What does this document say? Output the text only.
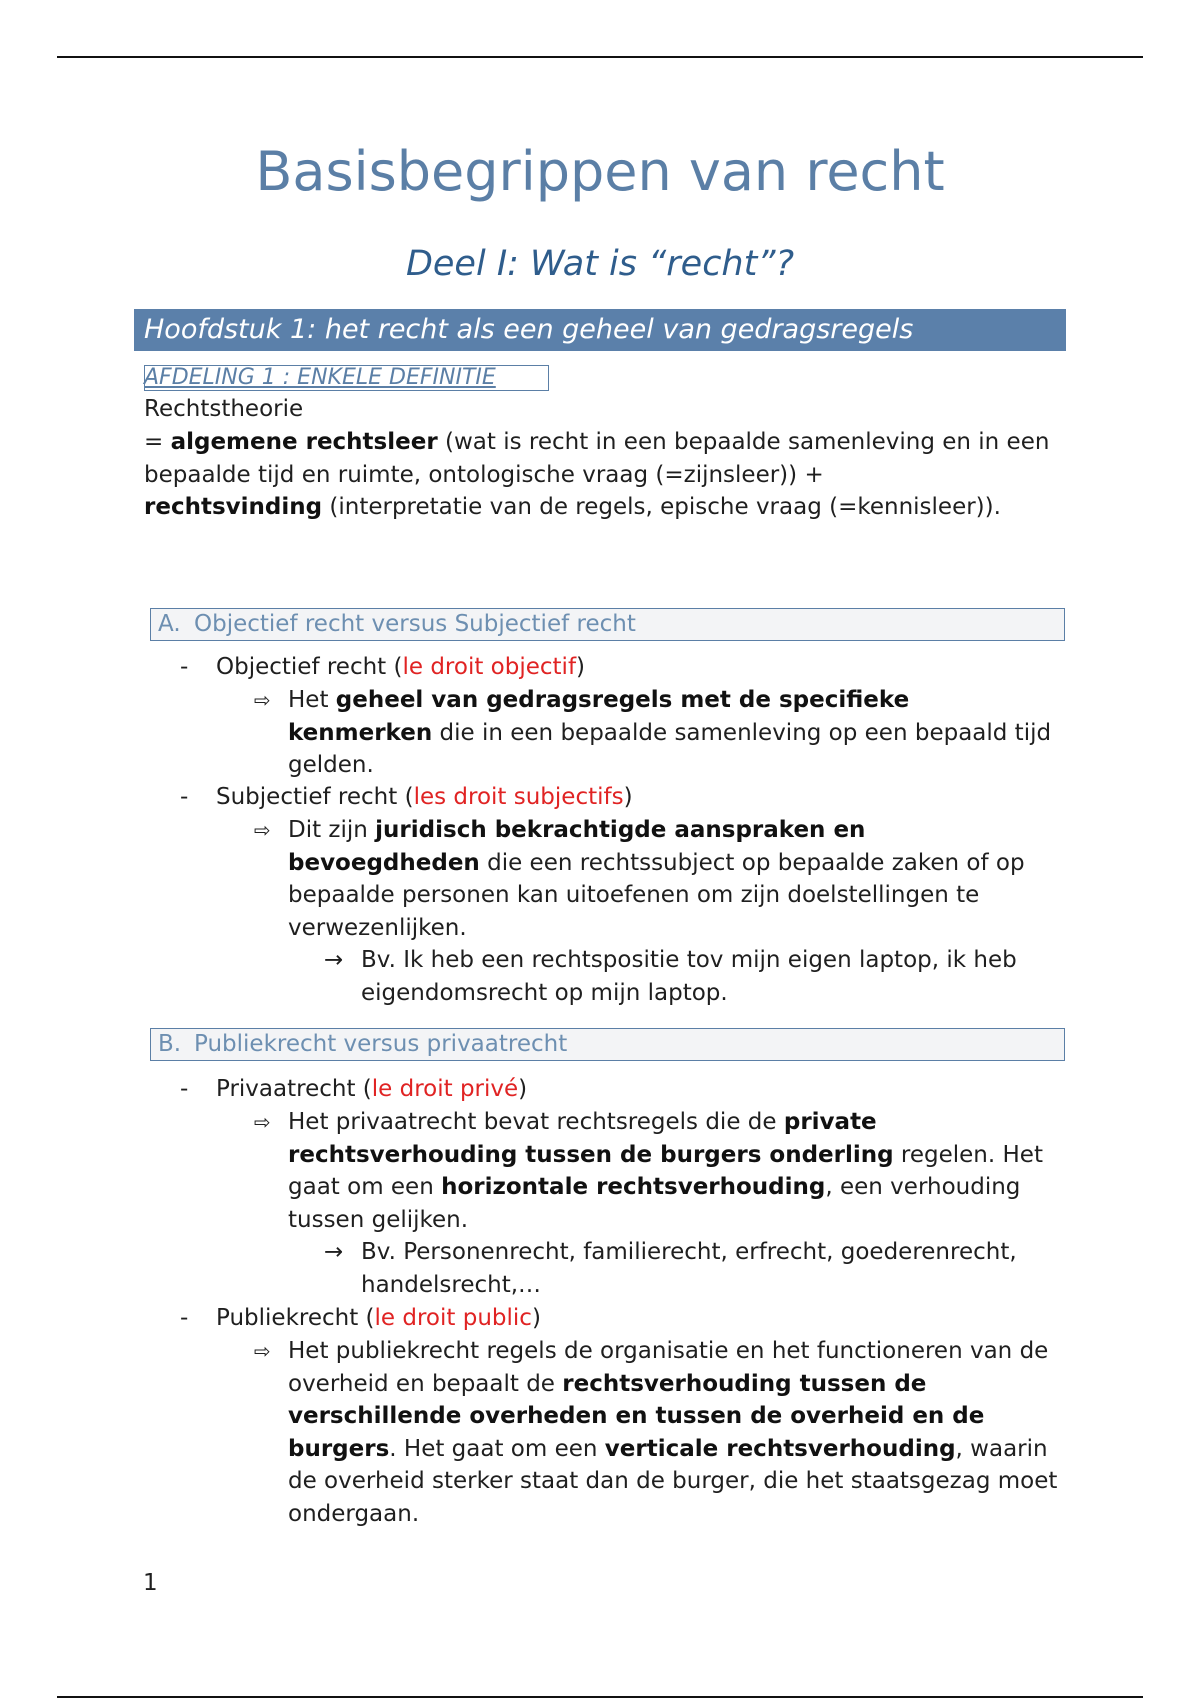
Basisbegrippen van recht
Deel I: Wat is “recht”?
Hoofdstuk 1: het recht als een geheel van gedragsregels
AFDELING 1 : ENKELE DEFINITIE
Rechtstheorie
= algemene rechtsleer (wat is recht in een bepaalde samenleving en in een bepaalde tijd en ruimte, ontologische vraag (=zijnsleer)) +
rechtsvinding (interpretatie van de regels, epische vraag (=kennisleer)).
A. Objectief recht versus Subjectief recht
- Objectief recht (le droit objectif)
⇨ Het geheel van gedragsregels met de specifieke kenmerken die in een bepaalde samenleving op een bepaald tijd gelden.
- Subjectief recht (les droit subjectifs)
⇨ Dit zijn juridisch bekrachtigde aanspraken en bevoegdheden die een rechtssubject op bepaalde zaken of op bepaalde personen kan uitoefenen om zijn doelstellingen te verwezenlijken.
→ Bv. Ik heb een rechtspositie tov mijn eigen laptop, ik heb eigendomsrecht op mijn laptop.
B. Publiekrecht versus privaatrecht
- Privaatrecht (le droit privé)
⇨ Het privaatrecht bevat rechtsregels die de private rechtsverhouding tussen de burgers onderling regelen. Het gaat om een horizontale rechtsverhouding, een verhouding tussen gelijken.
→ Bv. Personenrecht, familierecht, erfrecht, goederenrecht, handelsrecht,…
- Publiekrecht (le droit public)
⇨ Het publiekrecht regels de organisatie en het functioneren van de overheid en bepaalt de rechtsverhouding tussen de verschillende overheden en tussen de overheid en de burgers. Het gaat om een verticale rechtsverhouding, waarin de overheid sterker staat dan de burger, die het staatsgezag moet ondergaan.
1
